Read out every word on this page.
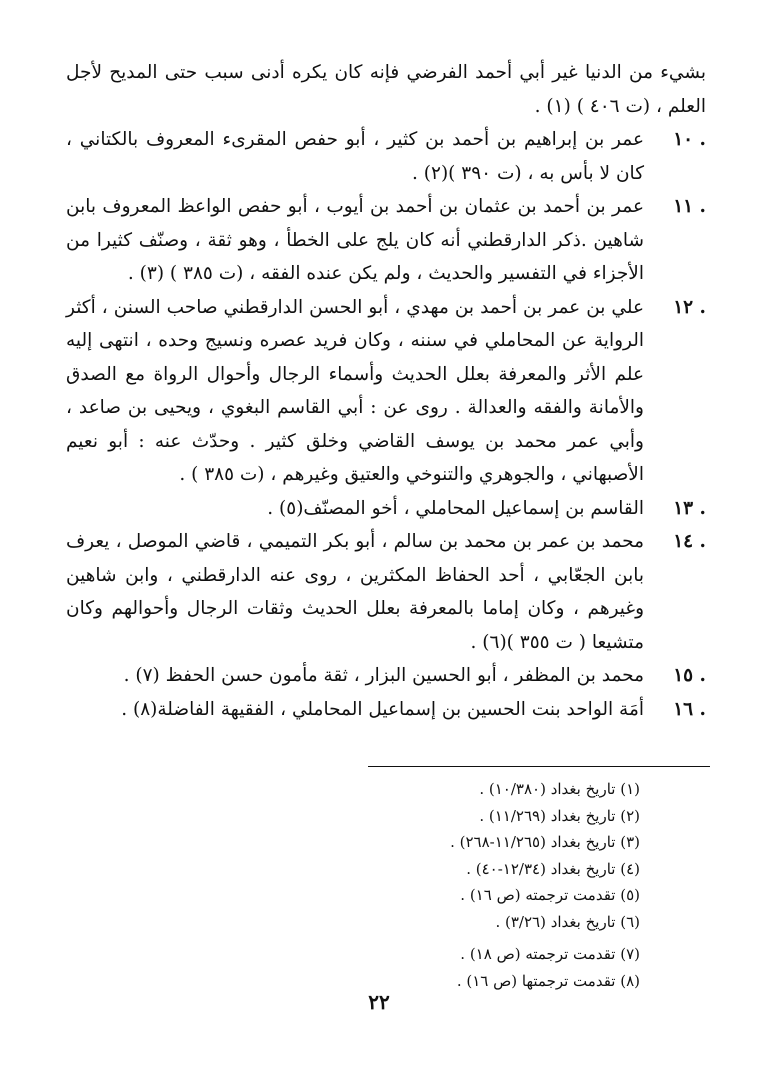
بشيء من الدنيا غير أبي أحمد الفرضي فإنه كان يكره أدنى سبب حتى المديح لأجل العلم ، (ت ٤٠٦ ) (١) .
. ١٠
عمر بن إبراهيم بن أحمد بن كثير ، أبو حفص المقرىء المعروف بالكتاني ، كان لا بأس به ، (ت ٣٩٠ )(٢) .
. ١١
عمر بن أحمد بن عثمان بن أحمد بن أيوب ، أبو حفص الواعظ المعروف بابن شاهين .ذكر الدارقطني أنه كان يلج على الخطأ ، وهو ثقة ، وصنّف كثيرا من الأجزاء في التفسير والحديث ، ولم يكن عنده الفقه ، (ت ٣٨٥ ) (٣) .
. ١٢
علي بن عمر بن أحمد بن مهدي ، أبو الحسن الدارقطني صاحب السنن ، أكثر الرواية عن المحاملي في سننه ، وكان فريد عصره ونسيج وحده ، انتهى إليه علم الأثر والمعرفة بعلل الحديث وأسماء الرجال وأحوال الرواة مع الصدق والأمانة والفقه والعدالة . روى عن : أبي القاسم البغوي ، ويحيى بن صاعد ، وأبي عمر محمد بن يوسف القاضي وخلق كثير . وحدّث عنه : أبو نعيم الأصبهاني ، والجوهري والتنوخي والعتيق وغيرهم ، (ت ٣٨٥ ) .
. ١٣
القاسم بن إسماعيل المحاملي ، أخو المصنّف(٥) .
. ١٤
محمد بن عمر بن محمد بن سالم ، أبو بكر التميمي ، قاضي الموصل ، يعرف بابن الجعّابي ، أحد الحفاظ المكثرين ، روى عنه الدارقطني ، وابن شاهين وغيرهم ، وكان إماما بالمعرفة بعلل الحديث وثقات الرجال وأحوالهم وكان متشيعا ( ت ٣٥٥ )(٦) .
. ١٥
محمد بن المظفر ، أبو الحسين البزار ، ثقة مأمون حسن الحفظ (٧) .
. ١٦
أمَة الواحد بنت الحسين بن إسماعيل المحاملي ، الفقيهة الفاضلة(٨) .
(١) تاريخ بغداد (١٠/٣٨٠) .
(٢) تاريخ بغداد (١١/٢٦٩) .
(٣) تاريخ بغداد (١١/٢٦٥-٢٦٨) .
(٤) تاريخ بغداد (١٢/٣٤-٤٠) .
(٥) تقدمت ترجمته (ص ١٦) .
(٦) تاريخ بغداد (٣/٢٦) .
(٧) تقدمت ترجمته (ص ١٨) .
(٨) تقدمت ترجمتها (ص ١٦) .
٢٢
